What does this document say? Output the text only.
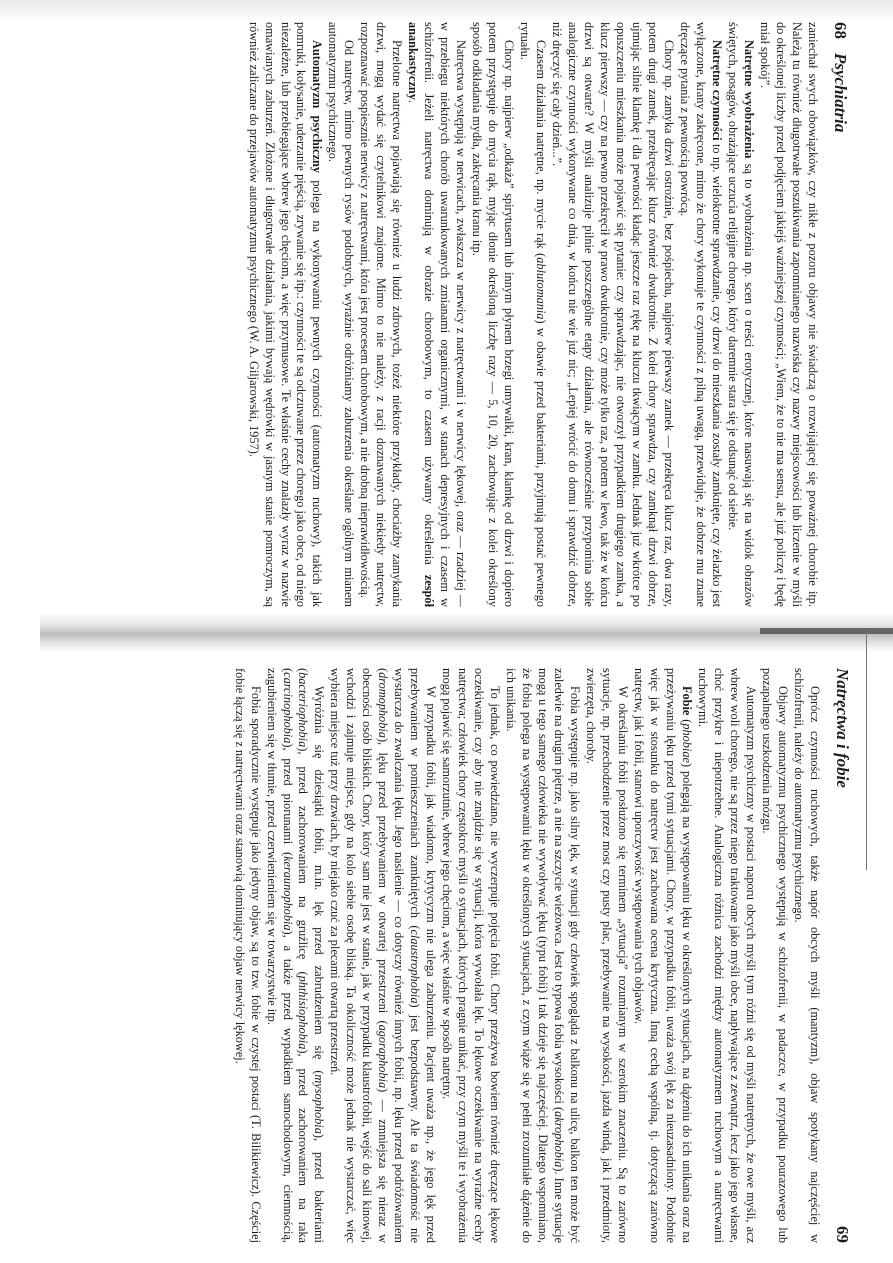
68
Psychiatria

zaniechał swych obowiązków, czy nikłe z pozoru objawy nie świadczą o rozwijającej się poważnej chorobie itp. Należą tu również długotrwałe poszukiwania zapomnianego nazwiska czy nazwy miejscowości lub liczenie w myśli do określonej liczby przed podjęciem jakiejś ważniejszej czynności; „Wiem, że to nie ma sensu, ale już policzę i będę miał spokój”.

Natrętne wyobrażenia są to wyobrażenia np. scen o treści erotycznej, które nasuwają się na widok obrazów świętych, posągów, obrażające uczucia religijne chorego, który daremnie stara się je odsunąć od siebie.

Natrętne czynności to np. wielokrotne sprawdzanie, czy drzwi do mieszkania zostały zamknięte, czy żelazko jest wyłączone, krany zakręcone, mimo że chory wykonuje te czynności z pilną uwagą, przewiduje, że dobrze mu znane dręczące pytania z pewnością powrócą.

Chory np. zamyka drzwi ostrożnie, bez pośpiechu, najpierw pierwszy zamek — przekręca klucz raz, dwa razy, potem drugi zamek, przekręcając klucz również dwukrotnie. Z kolei chory sprawdza, czy zamknął drzwi dobrze, ujmując silnie klamkę i dla pewności kładąc jeszcze raz rękę na kluczu tkwiącym w zamku. Jednak już wkrótce po opuszczeniu mieszkania może pojawić się pytanie: czy sprawdzając, nie otworzył przypadkiem drugiego zamka, a klucz pierwszy — czy na pewno przekręcił w prawo dwukrotnie, czy może tylko raz, a potem w lewo, tak że w końcu drzwi są otwarte? W myśli analizuje pilnie poszczególne etapy działania, ale równocześnie przypomina sobie analogiczne czynności wykonywane co dnia, w końcu nie wie już nic; „Lepiej wrócić do domu i sprawdzić dobrze, niż dręczyć się cały dzień...”.

Czasem działania natrętne, np. mycie rąk (ablutomania) w obawie przed bakteriami, przyjmują postać pewnego rytuału.

Chory np. najpierw „odkaża” spirytusem lub innym płynem brzegi umywalki, kran, klamkę od drzwi i dopiero potem przystępuje do mycia rąk, myjąc dłonie określoną liczbę razy — 5, 10, 20, zachowując z kolei określony sposób odkładania mydła, zakręcania kranu itp.

Natręctwa występują w nerwicach, zwłaszcza w nerwicy z natręctwami i w nerwicy lękowej, oraz — rzadziej — w przebiegu niektórych chorób uwarunkowanych zmianami organicznymi, w stanach depresyjnych i czasem w schizofrenii. Jeżeli natręctwa dominują w obrazie chorobowym, to czasem używamy określenia zespół anankastyczny.

Przelotne natręctwa pojawiają się również u ludzi zdrowych, tożeż niektóre przykłady, chociażby zamykania drzwi, mogą wydać się czytelnikowi znajome. Mimo to nie należy, z racji doznawanych niekiedy natręctw, rozpoznawać pospiesznie nerwicy z natręctwami, która jest procesem chorobowym, a nie drobną nieprawidłowością.

Od natręctw, mimo pewnych rysów podobnych, wyraźnie odróżniamy zaburzenia określane ogólnym mianem automatyzmu psychicznego.

Automatyzm psychiczny polega na wykonywaniu pewnych czynności (automatyzm ruchowy), takich jak pomruki, kołysanie, uderzanie pięścią, zrywanie się itp.: czynności te są odczuwane przez chorego jako obce, od niego niezależne, lub przebiegające wbrew jego chęciom, a więc przymusowe. Te właśnie cechy znalazły wyraz w nazwie omawianych zaburzeń. Złożone i długotrwałe działania, jakimi bywają wędrówki w jasnym stanie pomroczym, są również zaliczane do przejawów automatyzmu psychicznego (W. A. Giljarowski, 1957).

Natręctwa i fobie
69

Oprócz czynności ruchowych, także napór obcych myśli (mantyzm), objaw spotykany najczęściej w schizofrenii, należy do automatyzmu psychicznego.

Objawy automatyzmu psychicznego występują w schizofrenii, w padaczce, w przypadku pourazowego lub pozapalnego uszkodzenia mózgu.

Automatyzm psychiczny w postaci naporu obcych myśli tym różni się od myśli natrętnych, że owe myśli, acz wbrew woli chorego, nie są przez niego traktowane jako myśli obce, napływające z zewnątrz, lecz jako jego własne, choć przykre i niepotrzebne. Analogiczna różnica zachodzi między automatyzmem ruchowym a natręctwami ruchowymi.

Fobie (phobiae) polegają na występowaniu lęku w określonych sytuacjach, na dążeniu do ich unikania oraz na przeżywaniu lęku przed tymi sytuacjami. Chory, w przypadku fobii, uważa swój lęk za nieuzasadniony. Podobnie więc jak w stosunku do natręctw jest zachowana ocena krytyczna. Inną cechą wspólną, tj. dotyczącą zarówno natręctw, jak i fobii, stanowi uporczywość występowania tych objawów.

W określaniu fobii posłużono się terminem „sytuacja” rozumianym w szerokim znaczeniu. Są to zarówno sytuacje, np. przechodzenie przez most czy pusty plac, przebywanie na wysokości, jazda windą, jak i przedmioty, zwierzęta, choroby.

Fobia występuje np. jako silny lęk, w sytuacji gdy człowiek spogląda z balkonu na ulicę, balkon ten może być zaledwie na drugim piętrze, a nie na szczycie wieżowca. Jest to typowa fobia wysokości (akrophobia). Inne sytuacje mogą u tego samego człowieka nie wywoływać lęku (typu fobii) i tak dzieje się najczęściej. Dlatego wspomniano, że fobia polega na występowaniu lęku w określonych sytuacjach, z czym wiąże się w pełni zrozumiałe dążenie do ich unikania.

To jednak, co powiedziano, nie wyczerpuje pojęcia fobii. Chory przeżywa bowiem również dręczące lękowe oczekiwanie, czy aby nie znajdzie się w sytuacji, która wywołała lęk. To lękowe oczekiwanie na wyraźne cechy natręctwa; człowiek chory częstokroć myśli o sytuacjach, których pragnie unikać, przy czym myśli te i wyobrażenia mogą pojawić się samorzutnie, wbrew jego chęciom, a więc właśnie w sposób natrętny.

W przypadku fobii, jak wiadomo, krytycyzm nie ulega zaburzeniu. Pacjent uważa np., że jego lęk przed przebywaniem w pomieszczeniach zamkniętych (claustrophobia) jest bezpodstawny. Ale ta świadomość nie wystarcza do zwalczania lęku. Jego nasilenie — co dotyczy również innych fobii, np. lęku przed podróżowaniem (dromophobia), lęku przed przebywaniem w otwartej przestrzeni (agoraphobia) — zmniejsza się nieraz w obecności osób bliskich. Chory, który sam nie jest w stanie, jak w przypadku klaustrofobii, wejść do sali kinowej, wchodzi i zajmuje miejsce, gdy na kolo siebie osobę bliską. Ta okoliczność może jednak nie wystarczać, więc wybiera miejsce tuż przy drzwiach, by niejako czuć za plecami otwartą przestrzeń.

Wyróżnia się dziesiątki fobii, m.in. lęk przed zabrudzeniem się (mysophobia), przed bakteriami (bacteriophobia), przed zachorowaniem na gruźlicę (phthisiophobia), przed zachorowaniem na raka (carcinophobia), przed piorunami (keraunophobia), a także przed wypadkiem samochodowym, ciemnością, zagubieniem się w tłumie, przed czerwienieniem się w towarzystwie itp.

Fobia sporadycznie występuje jako jedyny objaw, są to tzw. fobie w czystej postaci (T. Bilikiewicz). Częściej fobie łączą się z natręctwami oraz stanowią dominujący objaw nerwicy lękowej.
